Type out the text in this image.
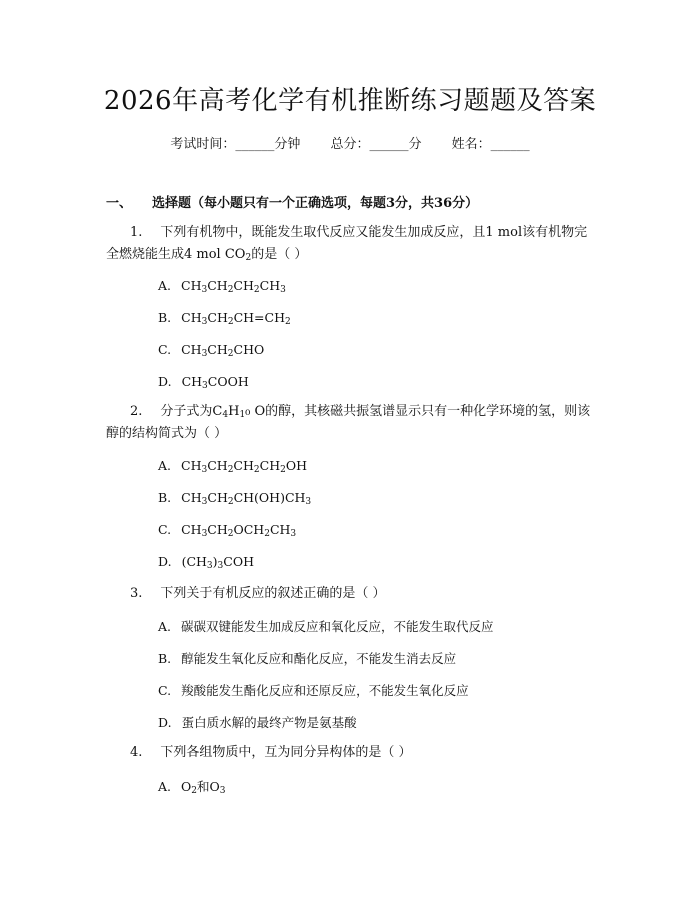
2026年高考化学有机推断练习题题及答案
考试时间：______分钟 总分：______分 姓名：______
一、 选择题（每小题只有一个正确选项，每题3分，共36分）
1. 下列有机物中，既能发生取代反应又能发生加成反应，且1 mol该有机物完全燃烧能生成4 mol $CO_2$的是（ ）
A. $CH_3CH_2CH_2CH_3$
B. $CH_3CH_2CH=CH_2$
C. $CH_3CH_2CHO$
D. $CH_3COOH$
2. 分子式为$C_4H_1_0$ O的醇，其核磁共振氢谱显示只有一种化学环境的氢，则该醇的结构简式为（ ）
A. $CH_3CH_2CH_2CH_2OH$
B. $CH_3CH_2CH(OH)CH_3$
C. $CH_3CH_2OCH_2CH_3$
D. $(CH_3)_3COH$
3. 下列关于有机反应的叙述正确的是（ ）
A. 碳碳双键能发生加成反应和氧化反应，不能发生取代反应
B. 醇能发生氧化反应和酯化反应，不能发生消去反应
C. 羧酸能发生酯化反应和还原反应，不能发生氧化反应
D. 蛋白质水解的最终产物是氨基酸
4. 下列各组物质中，互为同分异构体的是（ ）
A. $O_2$和$O_3$
